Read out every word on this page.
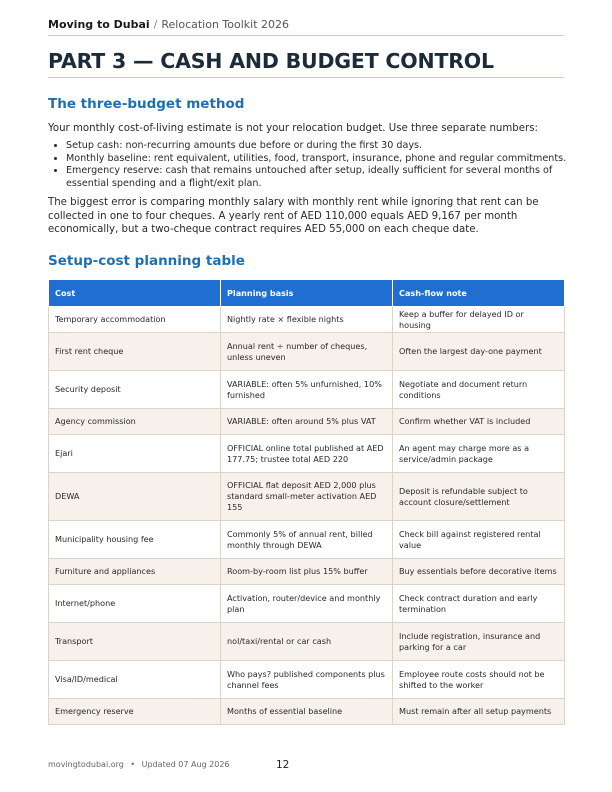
Moving to Dubai / Relocation Toolkit 2026
PART 3 — CASH AND BUDGET CONTROL
The three-budget method
Your monthly cost-of-living estimate is not your relocation budget. Use three separate numbers:
• Setup cash: non-recurring amounts due before or during the first 30 days.
• Monthly baseline: rent equivalent, utilities, food, transport, insurance, phone and regular commitments.
• Emergency reserve: cash that remains untouched after setup, ideally sufficient for several months of essential spending and a flight/exit plan.
The biggest error is comparing monthly salary with monthly rent while ignoring that rent can be collected in one to four cheques. A yearly rent of AED 110,000 equals AED 9,167 per month economically, but a two-cheque contract requires AED 55,000 on each cheque date.
Setup-cost planning table
Cost	Planning basis	Cash-flow note
Temporary accommodation	Nightly rate × flexible nights	Keep a buffer for delayed ID or housing
First rent cheque	Annual rent ÷ number of cheques, unless uneven	Often the largest day-one payment
Security deposit	VARIABLE: often 5% unfurnished, 10% furnished	Negotiate and document return conditions
Agency commission	VARIABLE: often around 5% plus VAT	Confirm whether VAT is included
Ejari	OFFICIAL online total published at AED 177.75; trustee total AED 220	An agent may charge more as a service/admin package
DEWA	OFFICIAL flat deposit AED 2,000 plus standard small-meter activation AED 155	Deposit is refundable subject to account closure/settlement
Municipality housing fee	Commonly 5% of annual rent, billed monthly through DEWA	Check bill against registered rental value
Furniture and appliances	Room-by-room list plus 15% buffer	Buy essentials before decorative items
Internet/phone	Activation, router/device and monthly plan	Check contract duration and early termination
Transport	nol/taxi/rental or car cash	Include registration, insurance and parking for a car
Visa/ID/medical	Who pays? published components plus channel fees	Employee route costs should not be shifted to the worker
Emergency reserve	Months of essential baseline	Must remain after all setup payments
movingtodubai.org • Updated 07 Aug 2026	12
